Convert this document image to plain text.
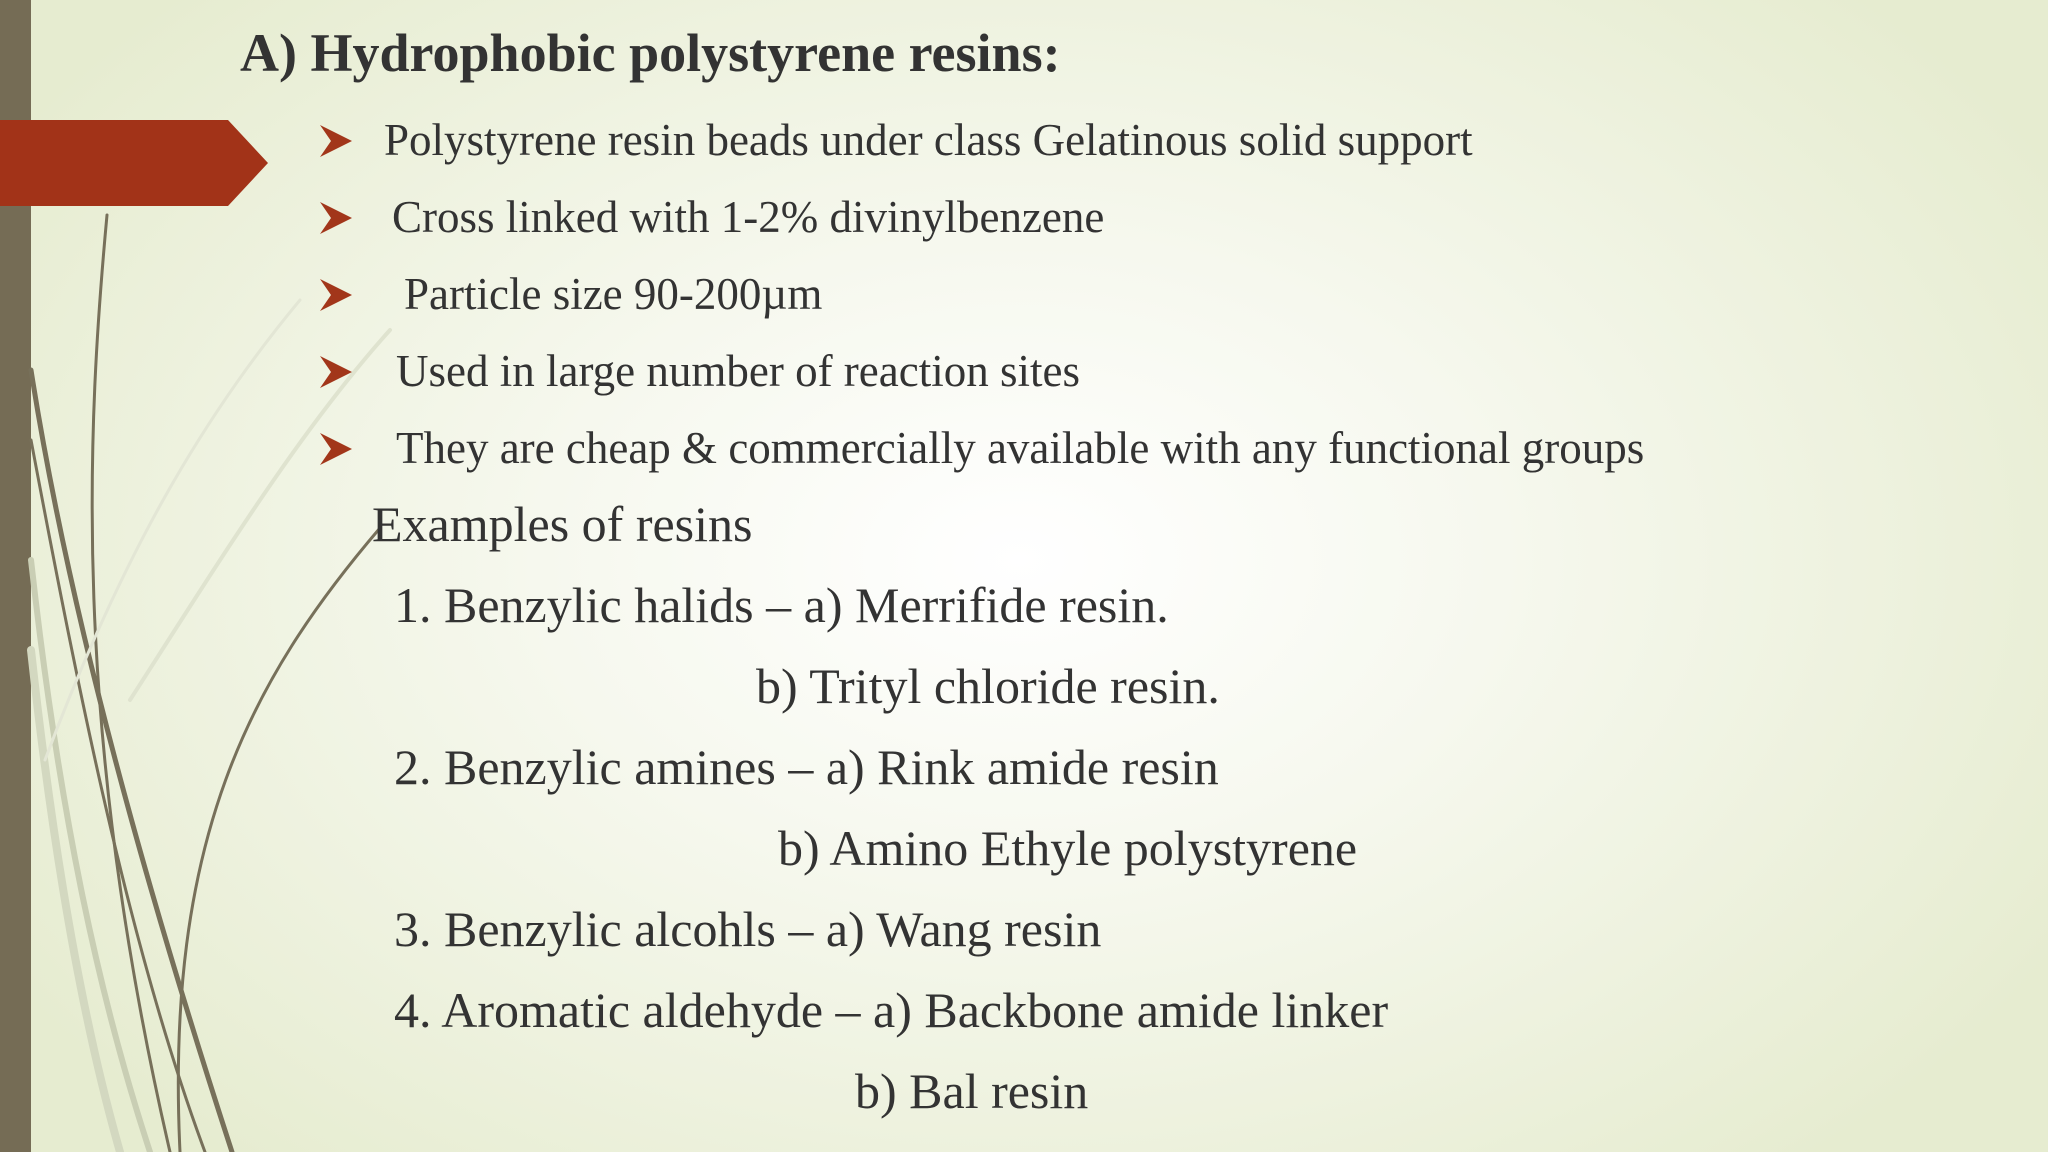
A) Hydrophobic polystyrene resins:
Polystyrene resin beads under class Gelatinous solid support
Cross linked with 1-2% divinylbenzene
Particle size 90-200µm
Used in large number of reaction sites
They are cheap & commercially available with any functional groups
Examples of resins
1. Benzylic halids – a) Merrifide resin.
b) Trityl chloride resin.
2. Benzylic amines – a) Rink amide resin
b) Amino Ethyle polystyrene
3. Benzylic alcohls – a) Wang resin
4. Aromatic aldehyde – a) Backbone amide linker
b) Bal resin
